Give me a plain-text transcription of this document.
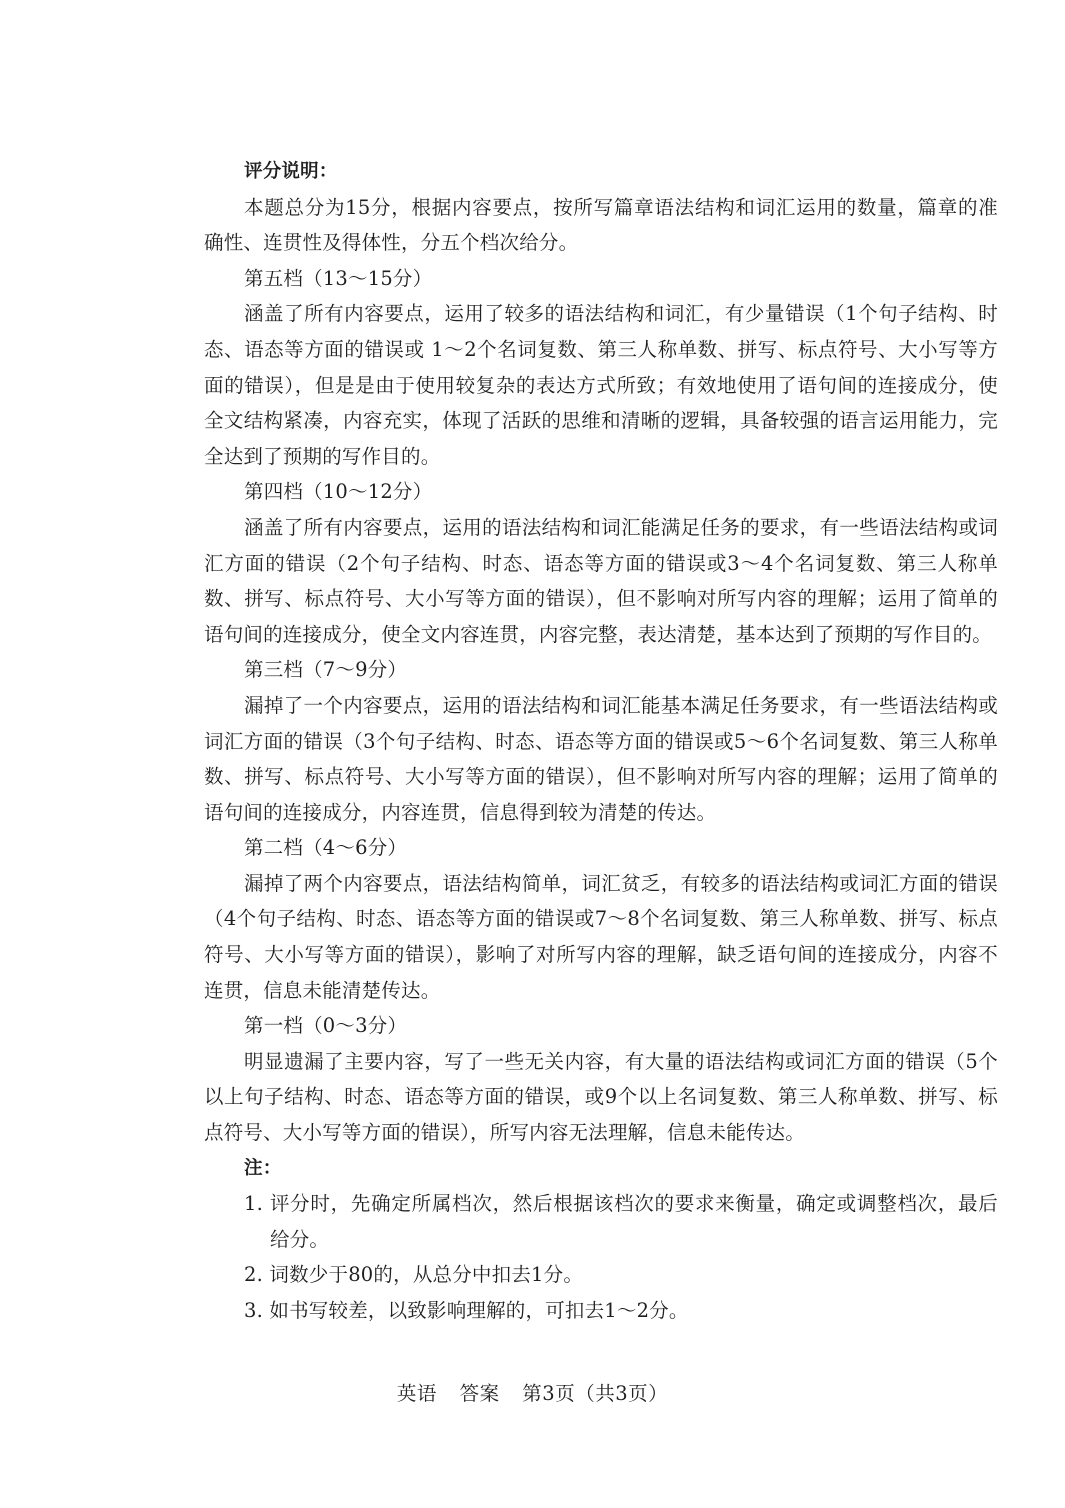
评分说明：

本题总分为15分，根据内容要点，按所写篇章语法结构和词汇运用的数量，篇章的准确性、连贯性及得体性，分五个档次给分。

第五档（13～15分）

涵盖了所有内容要点，运用了较多的语法结构和词汇，有少量错误（1个句子结构、时态、语态等方面的错误或 1～2个名词复数、第三人称单数、拼写、标点符号、大小写等方面的错误），但是是由于使用较复杂的表达方式所致；有效地使用了语句间的连接成分，使全文结构紧凑，内容充实，体现了活跃的思维和清晰的逻辑，具备较强的语言运用能力，完全达到了预期的写作目的。

第四档（10～12分）

涵盖了所有内容要点，运用的语法结构和词汇能满足任务的要求，有一些语法结构或词汇方面的错误（2个句子结构、时态、语态等方面的错误或3～4个名词复数、第三人称单数、拼写、标点符号、大小写等方面的错误），但不影响对所写内容的理解；运用了简单的语句间的连接成分，使全文内容连贯，内容完整，表达清楚，基本达到了预期的写作目的。

第三档（7～9分）

漏掉了一个内容要点，运用的语法结构和词汇能基本满足任务要求，有一些语法结构或词汇方面的错误（3个句子结构、时态、语态等方面的错误或5～6个名词复数、第三人称单数、拼写、标点符号、大小写等方面的错误），但不影响对所写内容的理解；运用了简单的语句间的连接成分，内容连贯，信息得到较为清楚的传达。

第二档（4～6分）

漏掉了两个内容要点，语法结构简单，词汇贫乏，有较多的语法结构或词汇方面的错误（4个句子结构、时态、语态等方面的错误或7～8个名词复数、第三人称单数、拼写、标点符号、大小写等方面的错误），影响了对所写内容的理解，缺乏语句间的连接成分，内容不连贯，信息未能清楚传达。

第一档（0～3分）

明显遗漏了主要内容，写了一些无关内容，有大量的语法结构或词汇方面的错误（5个以上句子结构、时态、语态等方面的错误，或9个以上名词复数、第三人称单数、拼写、标点符号、大小写等方面的错误），所写内容无法理解，信息未能传达。

注：

1. 评分时，先确定所属档次，然后根据该档次的要求来衡量，确定或调整档次，最后给分。

2. 词数少于80的，从总分中扣去1分。

3. 如书写较差，以致影响理解的，可扣去1～2分。

英语 答案 第3页（共3页）
